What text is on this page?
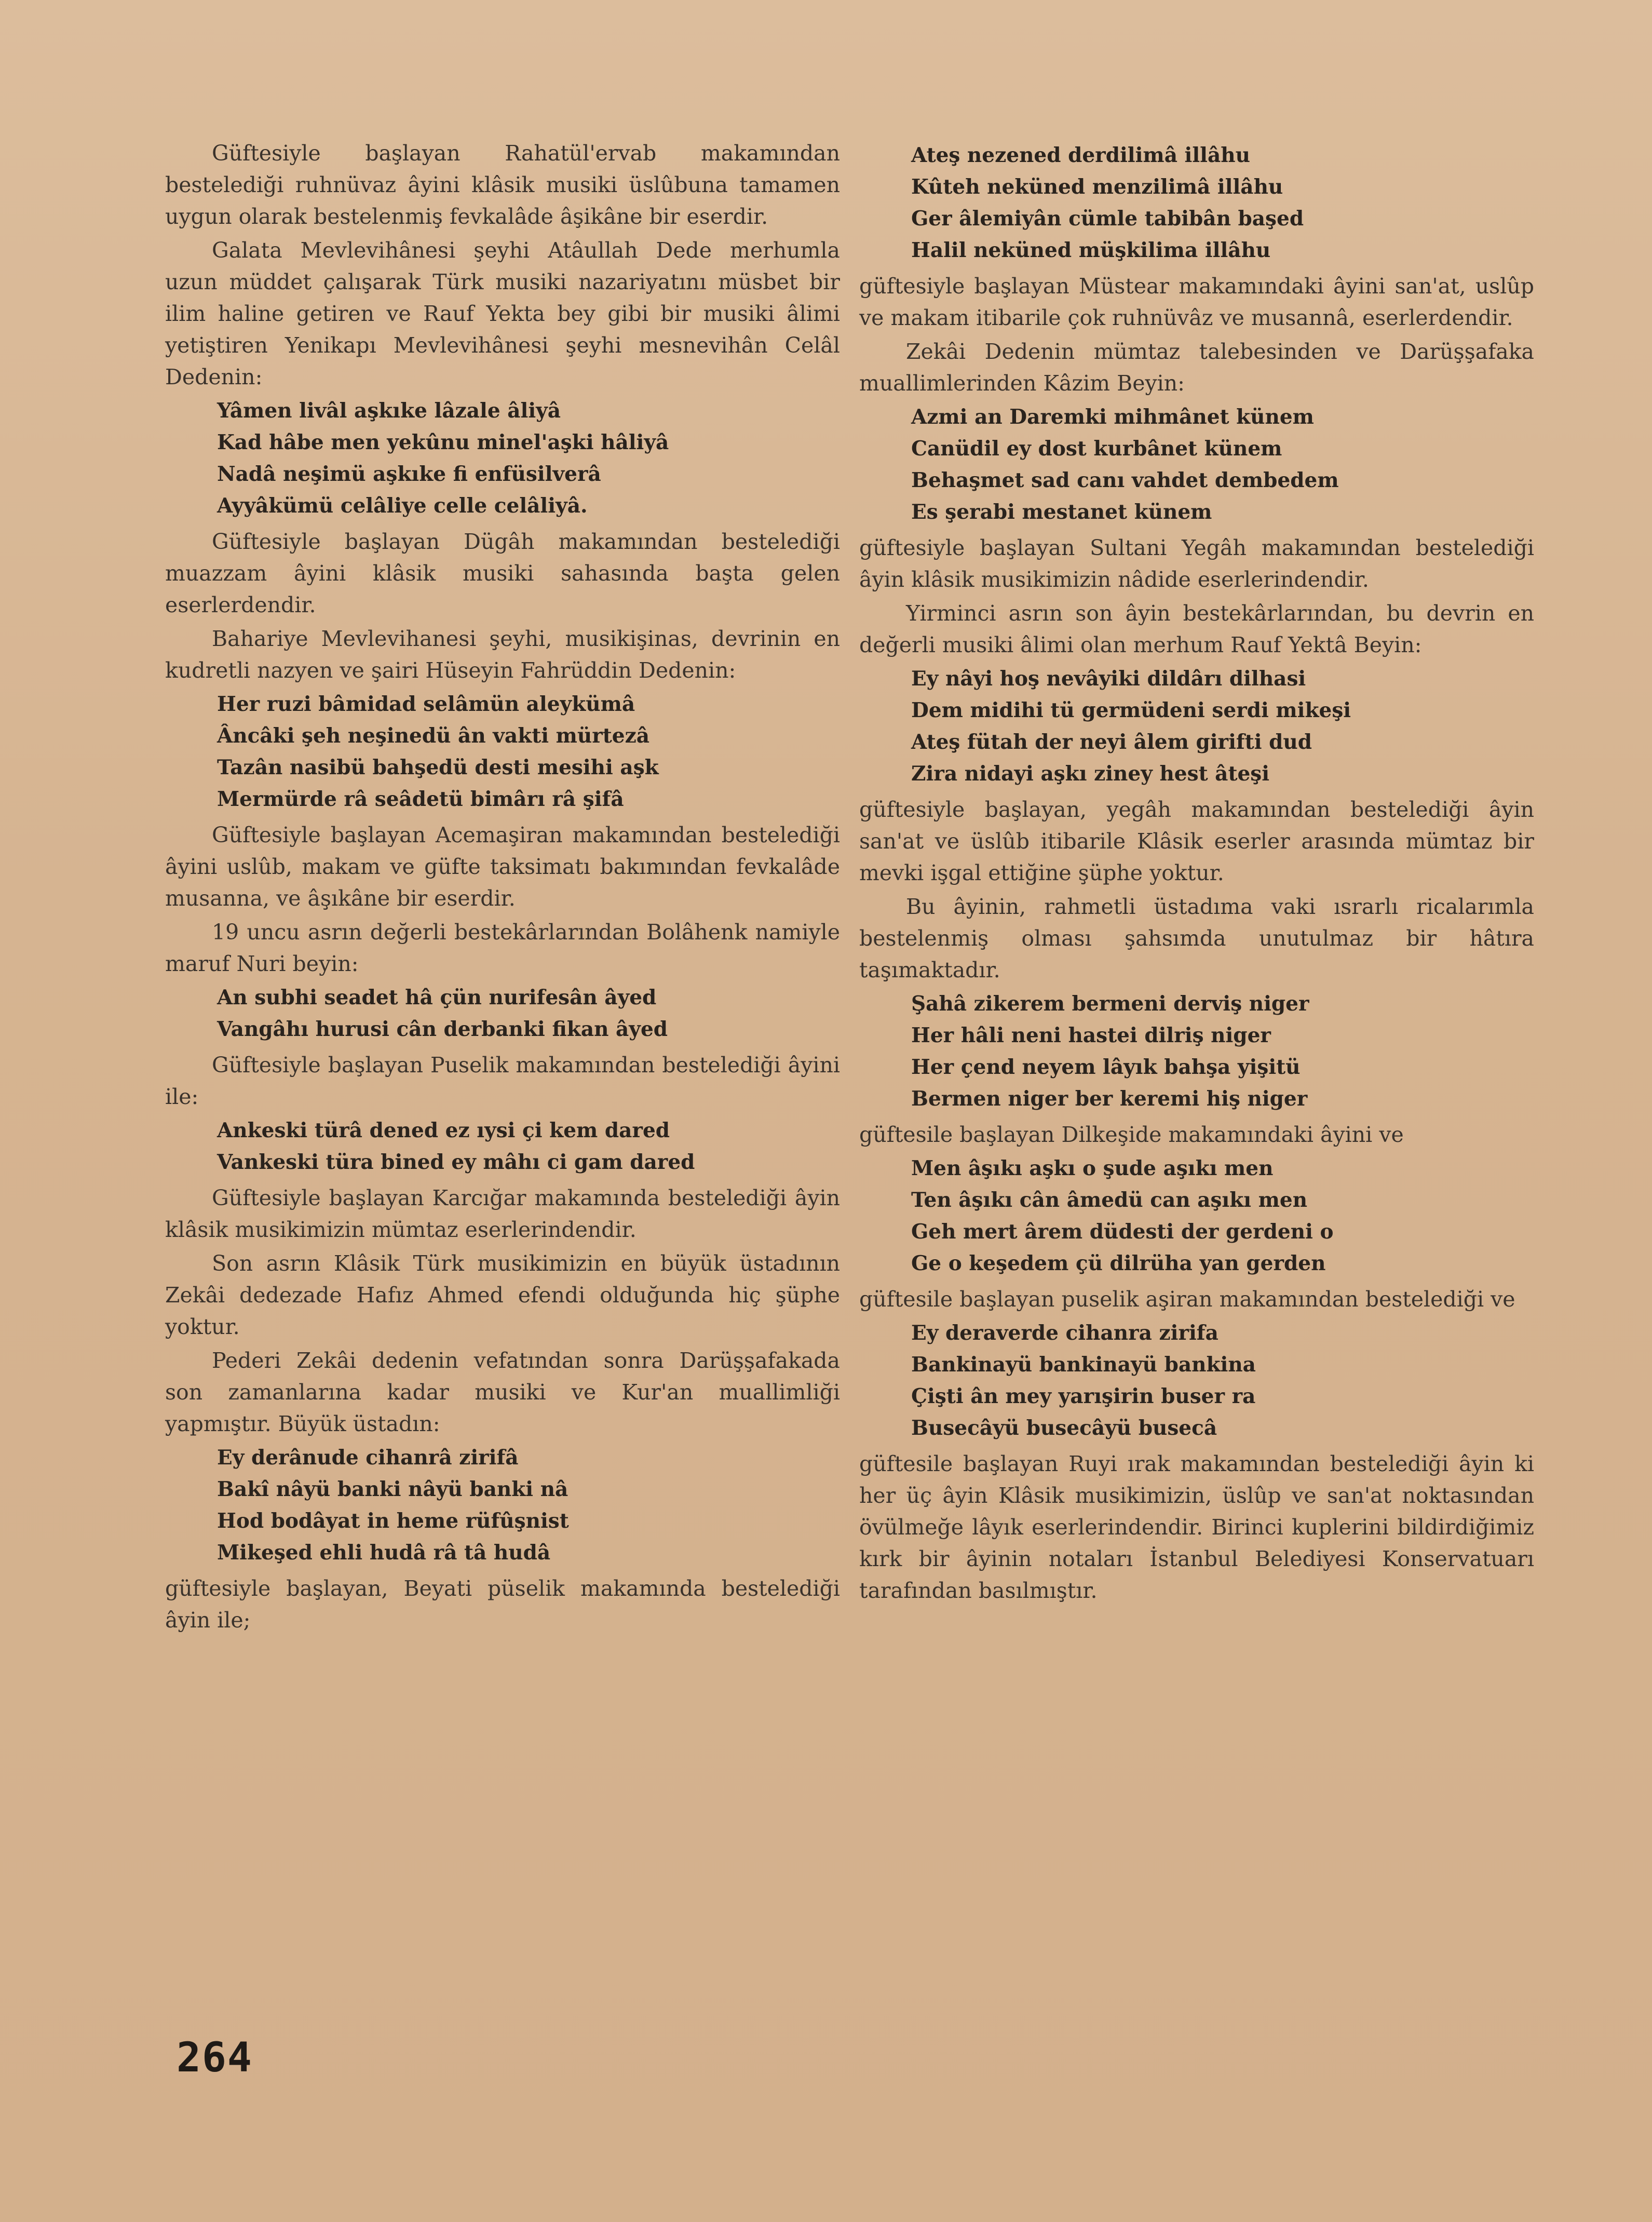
Güftesiyle başlayan Rahatül'ervab makamından bestelediği ruhnüvaz âyini klâsik musiki üslûbuna tamamen uygun olarak bestelenmiş fevkalâde âşikâne bir eserdir.

Galata Mevlevihânesi şeyhi Atâullah Dede merhumla uzun müddet çalışarak Türk musiki nazariyatını müsbet bir ilim haline getiren ve Rauf Yekta bey gibi bir musiki âlimi yetiştiren Yenikapı Mevlevihânesi şeyhi mesnevihân Celâl Dedenin:

Yâmen livâl aşkıke lâzale âliyâ
Kad hâbe men yekûnu minel'aşki hâliyâ
Nadâ neşimü aşkıke fi enfüsilverâ
Ayyâkümü celâliye celle celâliyâ.

Güftesiyle başlayan Dügâh makamından bestelediği muazzam âyini klâsik musiki sahasında başta gelen eserlerdendir.

Bahariye Mevlevihanesi şeyhi, musikişinas, devrinin en kudretli nazyen ve şairi Hüseyin Fahrüddin Dedenin:

Her ruzi bâmidad selâmün aleykümâ
Âncâki şeh neşinedü ân vakti mürtezâ
Tazân nasibü bahşedü desti mesihi aşk
Mermürde râ seâdetü bimârı râ şifâ

Güftesiyle başlayan Acemaşiran makamından bestelediği âyini uslûb, makam ve güfte taksimatı bakımından fevkalâde musanna, ve âşıkâne bir eserdir.

19 uncu asrın değerli bestekârlarından Bolâhenk namiyle maruf Nuri beyin:

An subhi seadet hâ çün nurifesân âyed
Vangâhı hurusi cân derbanki fikan âyed

Güftesiyle başlayan Puselik makamından bestelediği âyini ile:

Ankeski türâ dened ez ıysi çi kem dared
Vankeski türa bined ey mâhı ci gam dared

Güftesiyle başlayan Karcığar makamında bestelediği âyin klâsik musikimizin mümtaz eserlerindendir.

Son asrın Klâsik Türk musikimizin en büyük üstadının Zekâi dedezade Hafız Ahmed efendi olduğunda hiç şüphe yoktur.

Pederi Zekâi dedenin vefatından sonra Darüşşafakada son zamanlarına kadar musiki ve Kur'an muallimliği yapmıştır. Büyük üstadın:

Ey derânude cihanrâ zirifâ
Bakî nâyü banki nâyü banki nâ
Hod bodâyat in heme rüfûşnist
Mikeşed ehli hudâ râ tâ hudâ

güftesiyle başlayan, Beyati püselik makamında bestelediği âyin ile;

Ateş nezened derdilimâ illâhu
Kûteh neküned menzilimâ illâhu
Ger âlemiyân cümle tabibân başed
Halil neküned müşkilima illâhu

güftesiyle başlayan Müstear makamındaki âyini san'at, uslûp ve makam itibarile çok ruhnüvâz ve musannâ, eserlerdendir.

Zekâi Dedenin mümtaz talebesinden ve Darüşşafaka muallimlerinden Kâzim Beyin:

Azmi an Daremki mihmânet künem
Canüdil ey dost kurbânet künem
Behaşmet sad canı vahdet dembedem
Es şerabi mestanet künem

güftesiyle başlayan Sultani Yegâh makamından bestelediği âyin klâsik musikimizin nâdide eserlerindendir.

Yirminci asrın son âyin bestekârlarından, bu devrin en değerli musiki âlimi olan merhum Rauf Yektâ Beyin:

Ey nâyi hoş nevâyiki dildârı dilhasi
Dem midihi tü germüdeni serdi mikeşi
Ateş fütah der neyi âlem girifti dud
Zira nidayi aşkı ziney hest âteşi

güftesiyle başlayan, yegâh makamından bestelediği âyin san'at ve üslûb itibarile Klâsik eserler arasında mümtaz bir mevki işgal ettiğine şüphe yoktur.

Bu âyinin, rahmetli üstadıma vaki ısrarlı ricalarımla bestelenmiş olması şahsımda unutulmaz bir hâtıra taşımaktadır.

Şahâ zikerem bermeni derviş niger
Her hâli neni hastei dilriş niger
Her çend neyem lâyık bahşa yişitü
Bermen niger ber keremi hiş niger

güftesile başlayan Dilkeşide makamındaki âyini ve

Men âşıkı aşkı o şude aşıkı men
Ten âşıkı cân âmedü can aşıkı men
Geh mert ârem düdesti der gerdeni o
Ge o keşedem çü dilrüha yan gerden

güftesile başlayan puselik aşiran makamından bestelediği ve

Ey deraverde cihanra zirifa
Bankinayü bankinayü bankina
Çişti ân mey yarışirin buser ra
Busecâyü busecâyü busecâ

güftesile başlayan Ruyi ırak makamından bestelediği âyin ki her üç âyin Klâsik musikimizin, üslûp ve san'at noktasından övülmeğe lâyık eserlerindendir. Birinci kuplerini bildirdiğimiz kırk bir âyinin notaları İstanbul Belediyesi Konservatuarı tarafından basılmıştır.

264
